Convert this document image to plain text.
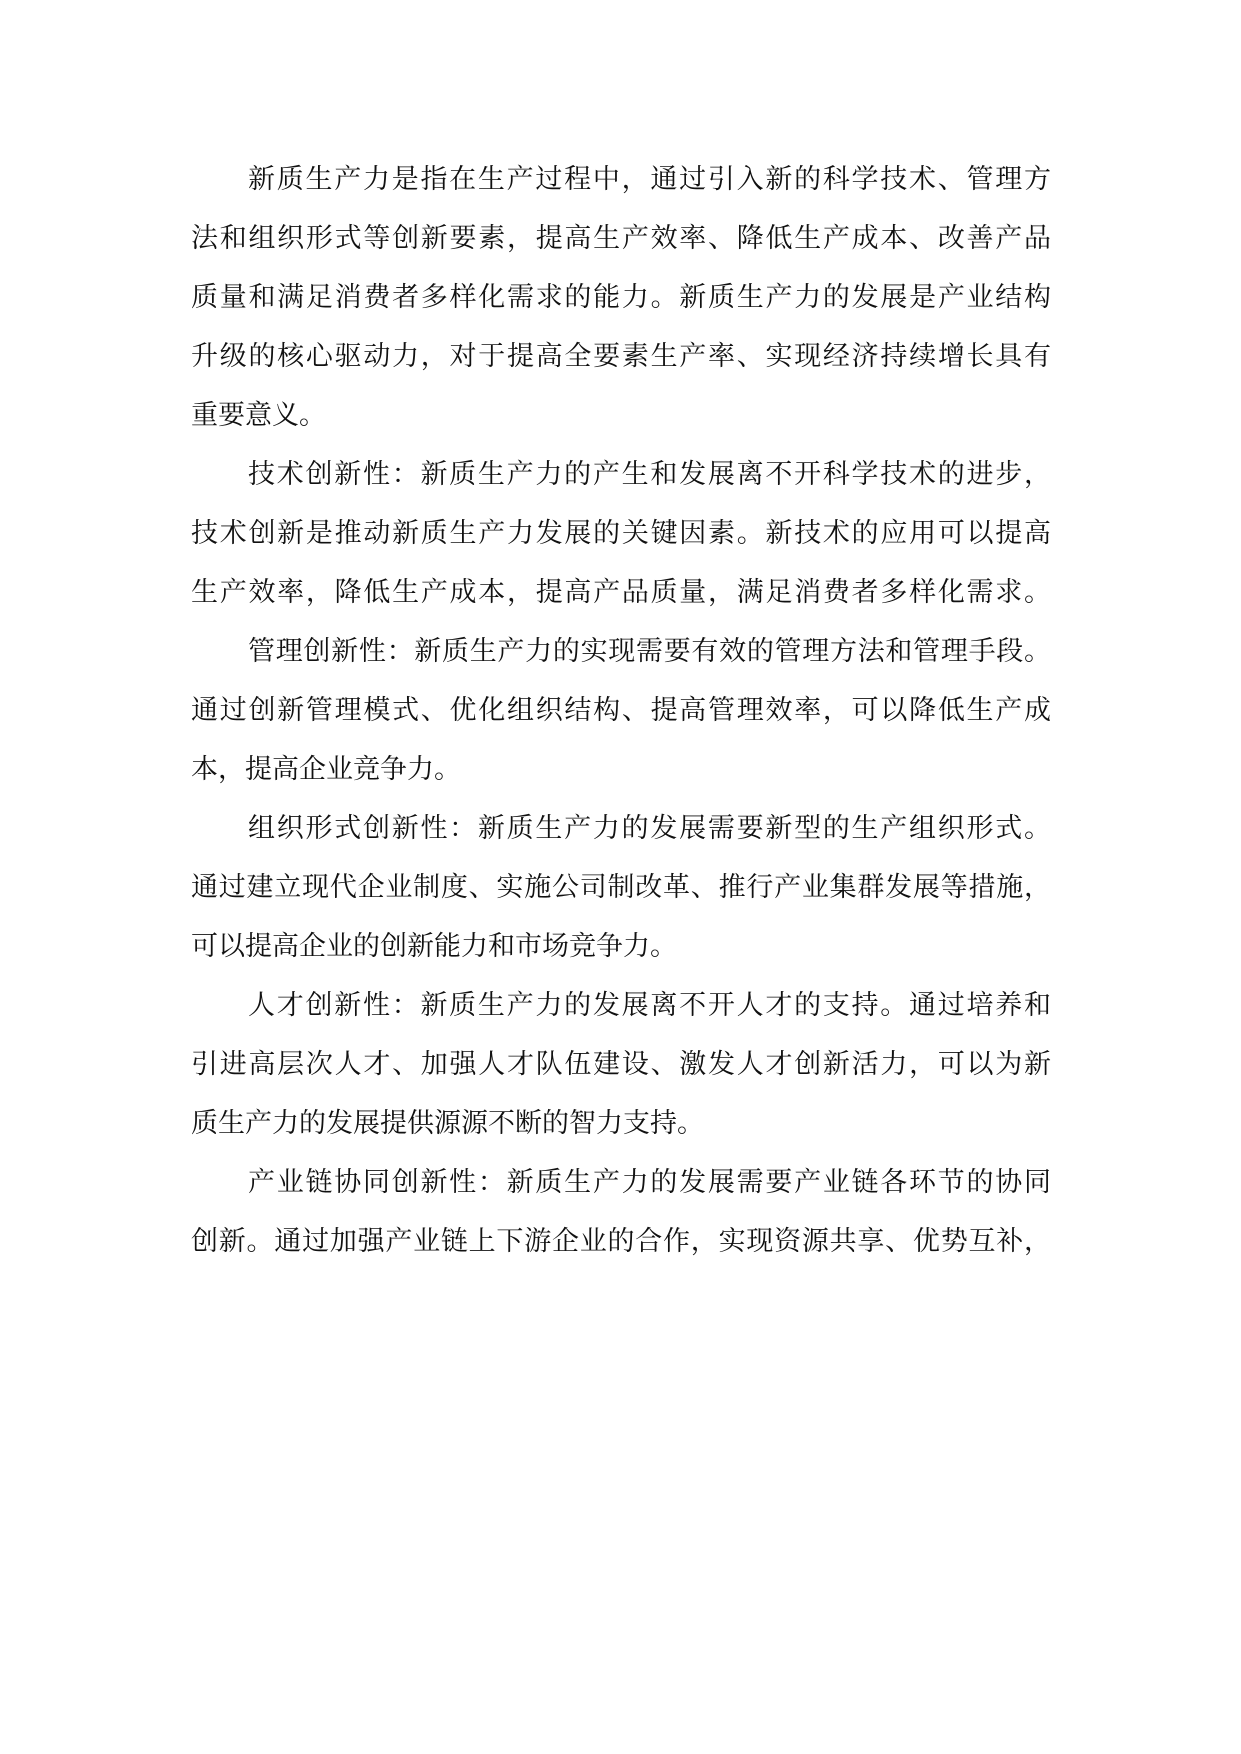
新质生产力是指在生产过程中，通过引入新的科学技术、管理方
法和组织形式等创新要素，提高生产效率、降低生产成本、改善产品
质量和满足消费者多样化需求的能力。新质生产力的发展是产业结构
升级的核心驱动力，对于提高全要素生产率、实现经济持续增长具有
重要意义。
技术创新性：新质生产力的产生和发展离不开科学技术的进步，
技术创新是推动新质生产力发展的关键因素。新技术的应用可以提高
生产效率，降低生产成本，提高产品质量，满足消费者多样化需求。
管理创新性：新质生产力的实现需要有效的管理方法和管理手段。
通过创新管理模式、优化组织结构、提高管理效率，可以降低生产成
本，提高企业竞争力。
组织形式创新性：新质生产力的发展需要新型的生产组织形式。
通过建立现代企业制度、实施公司制改革、推行产业集群发展等措施，
可以提高企业的创新能力和市场竞争力。
人才创新性：新质生产力的发展离不开人才的支持。通过培养和
引进高层次人才、加强人才队伍建设、激发人才创新活力，可以为新
质生产力的发展提供源源不断的智力支持。
产业链协同创新性：新质生产力的发展需要产业链各环节的协同
创新。通过加强产业链上下游企业的合作，实现资源共享、优势互补，
